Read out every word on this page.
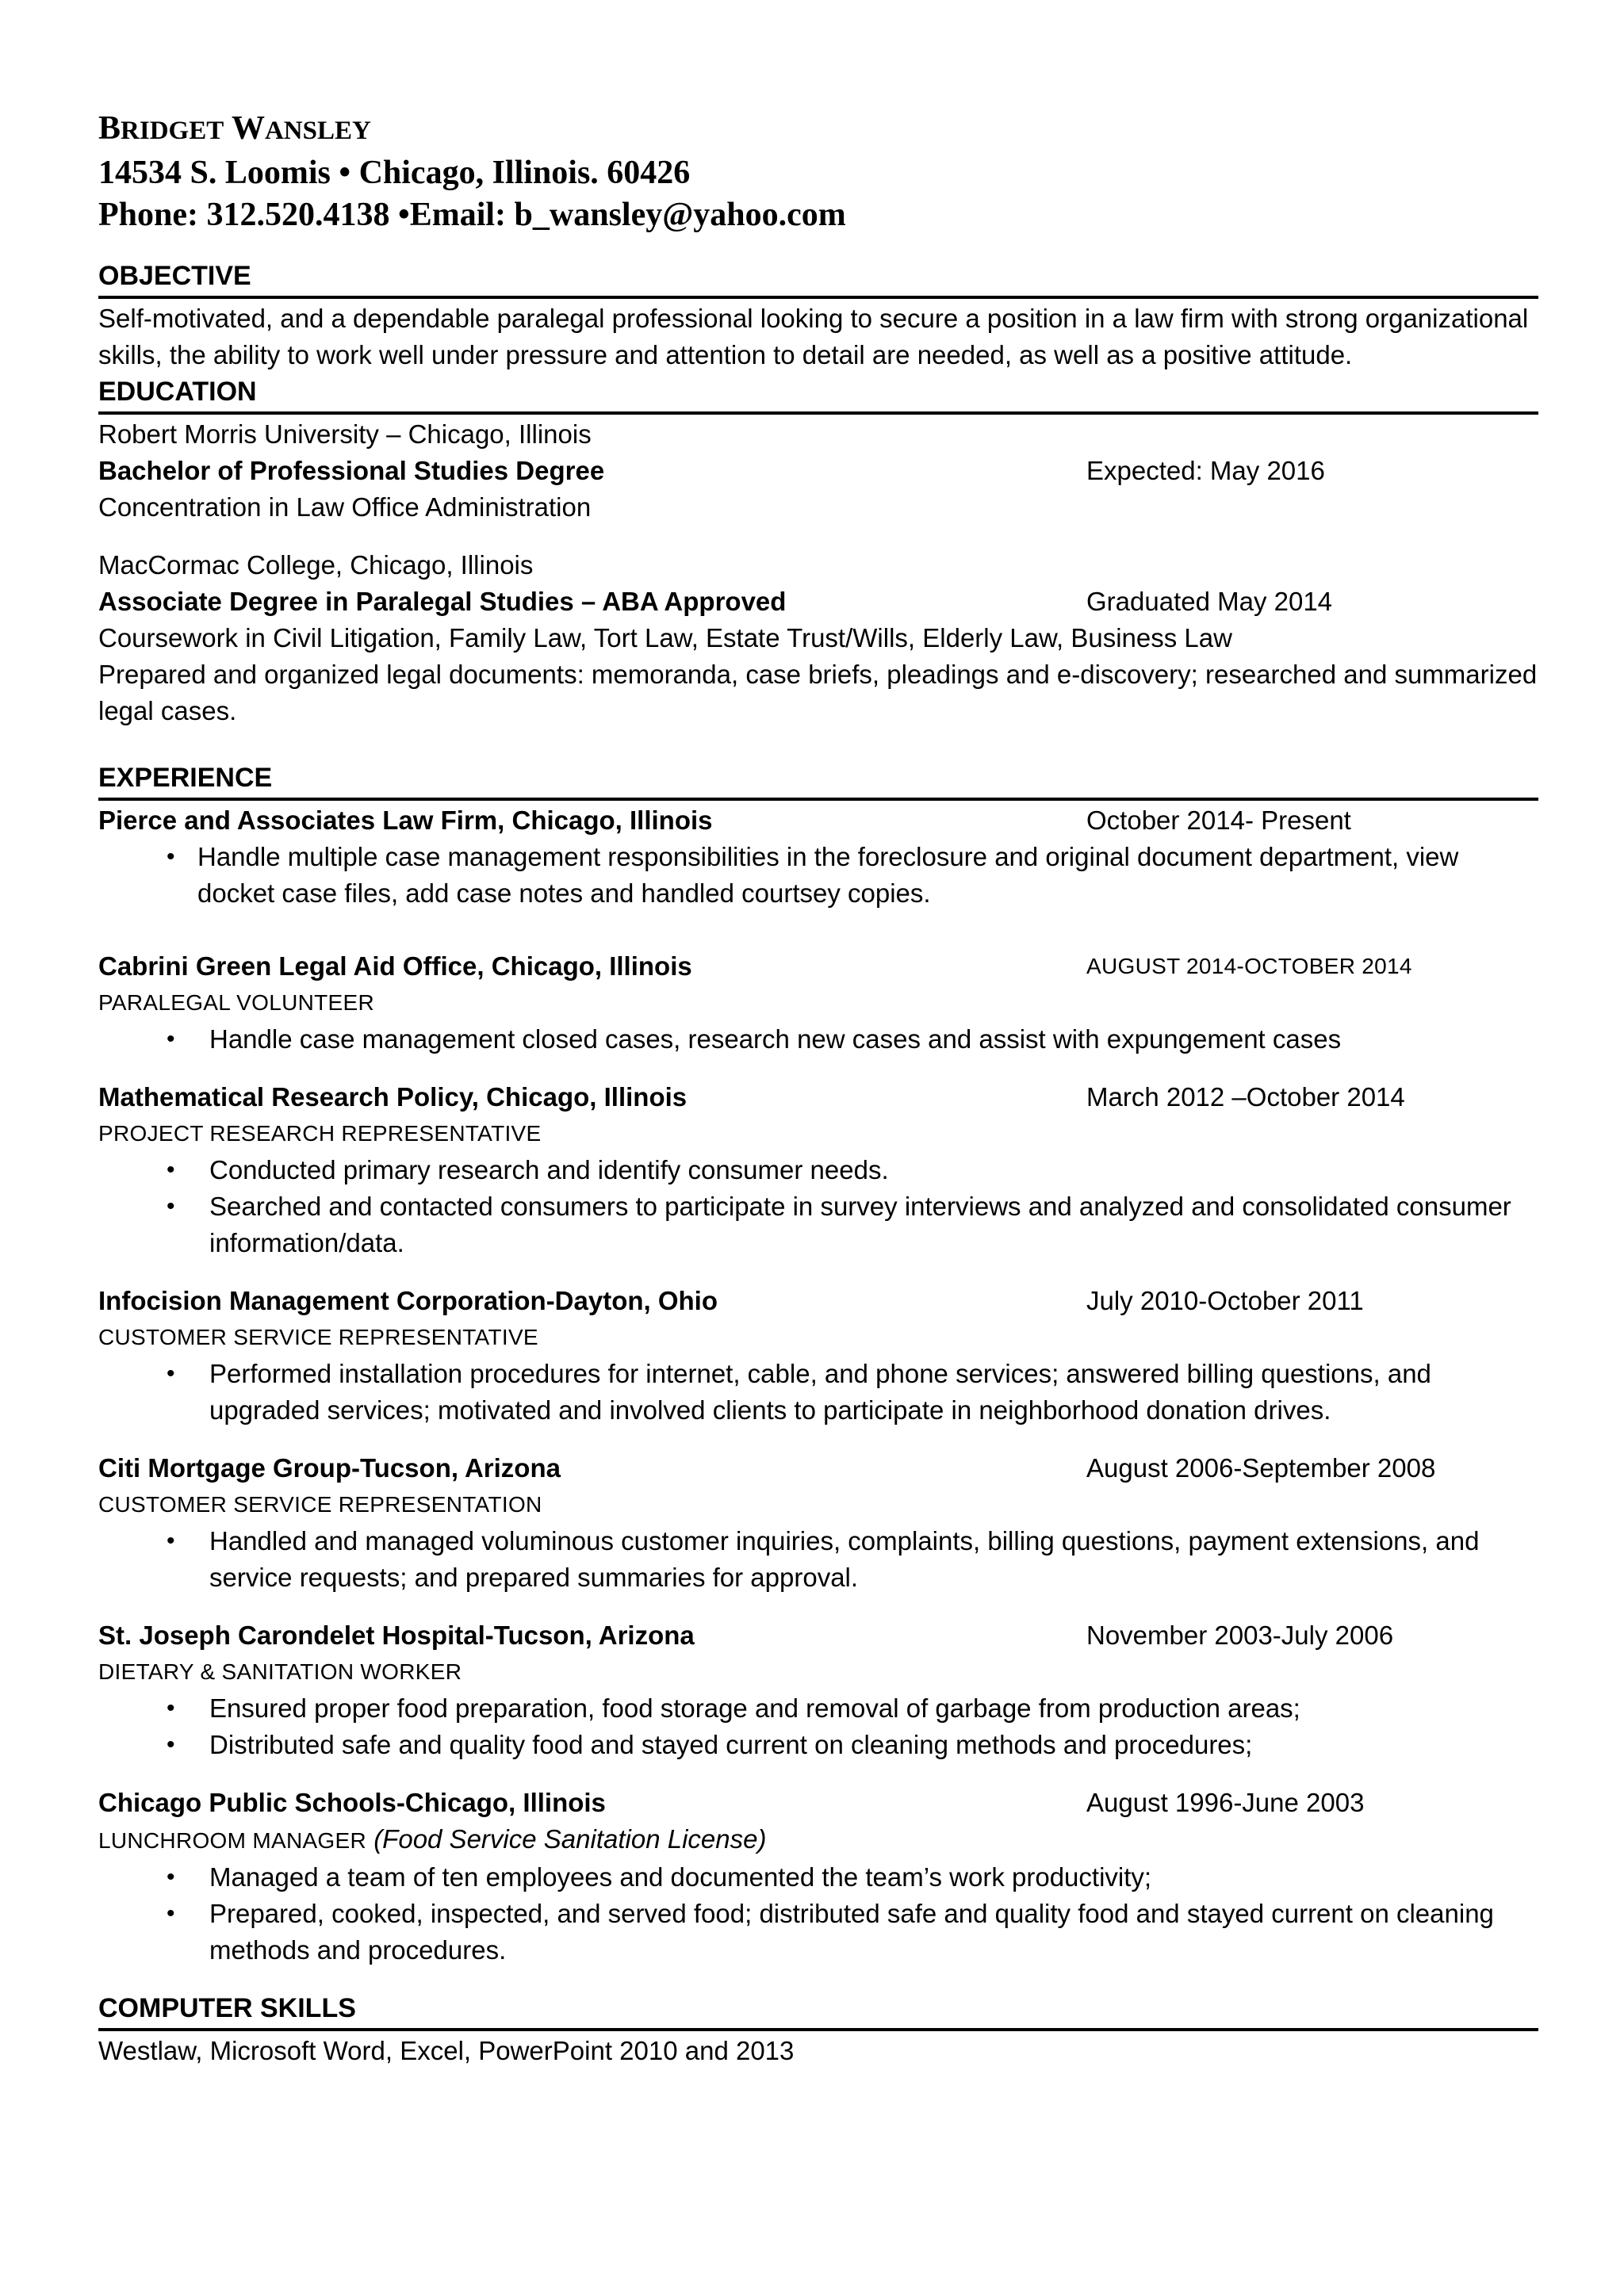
BRIDGET WANSLEY
14534 S. Loomis • Chicago, Illinois. 60426
Phone: 312.520.4138 •Email: b_wansley@yahoo.com
OBJECTIVE
Self-motivated, and a dependable paralegal professional looking to secure a position in a law firm with strong organizational skills, the ability to work well under pressure and attention to detail are needed, as well as a positive attitude.
EDUCATION
Robert Morris University – Chicago, Illinois
Bachelor of Professional Studies Degree	Expected: May 2016
Concentration in Law Office Administration
MacCormac College, Chicago, Illinois
Associate Degree in Paralegal Studies – ABA Approved	Graduated May 2014
Coursework in Civil Litigation, Family Law, Tort Law, Estate Trust/Wills, Elderly Law, Business Law
Prepared and organized legal documents: memoranda, case briefs, pleadings and e-discovery; researched and summarized legal cases.
EXPERIENCE
Pierce and Associates Law Firm, Chicago, Illinois	October 2014- Present
• Handle multiple case management responsibilities in the foreclosure and original document department, view docket case files, add case notes and handled courtsey copies.
Cabrini Green Legal Aid Office, Chicago, Illinois	AUGUST 2014-OCTOBER 2014
PARALEGAL VOLUNTEER
• Handle case management closed cases, research new cases and assist with expungement cases
Mathematical Research Policy, Chicago, Illinois	March 2012 –October 2014
PROJECT RESEARCH REPRESENTATIVE
• Conducted primary research and identify consumer needs.
• Searched and contacted consumers to participate in survey interviews and analyzed and consolidated consumer information/data.
Infocision Management Corporation-Dayton, Ohio	July 2010-October 2011
CUSTOMER SERVICE REPRESENTATIVE
• Performed installation procedures for internet, cable, and phone services; answered billing questions, and upgraded services; motivated and involved clients to participate in neighborhood donation drives.
Citi Mortgage Group-Tucson, Arizona	August 2006-September 2008
CUSTOMER SERVICE REPRESENTATION
• Handled and managed voluminous customer inquiries, complaints, billing questions, payment extensions, and service requests; and prepared summaries for approval.
St. Joseph Carondelet Hospital-Tucson, Arizona	November 2003-July 2006
DIETARY & SANITATION WORKER
• Ensured proper food preparation, food storage and removal of garbage from production areas;
• Distributed safe and quality food and stayed current on cleaning methods and procedures;
Chicago Public Schools-Chicago, Illinois	August 1996-June 2003
LUNCHROOM MANAGER (Food Service Sanitation License)
• Managed a team of ten employees and documented the team’s work productivity;
• Prepared, cooked, inspected, and served food; distributed safe and quality food and stayed current on cleaning methods and procedures.
COMPUTER SKILLS
Westlaw, Microsoft Word, Excel, PowerPoint 2010 and 2013
